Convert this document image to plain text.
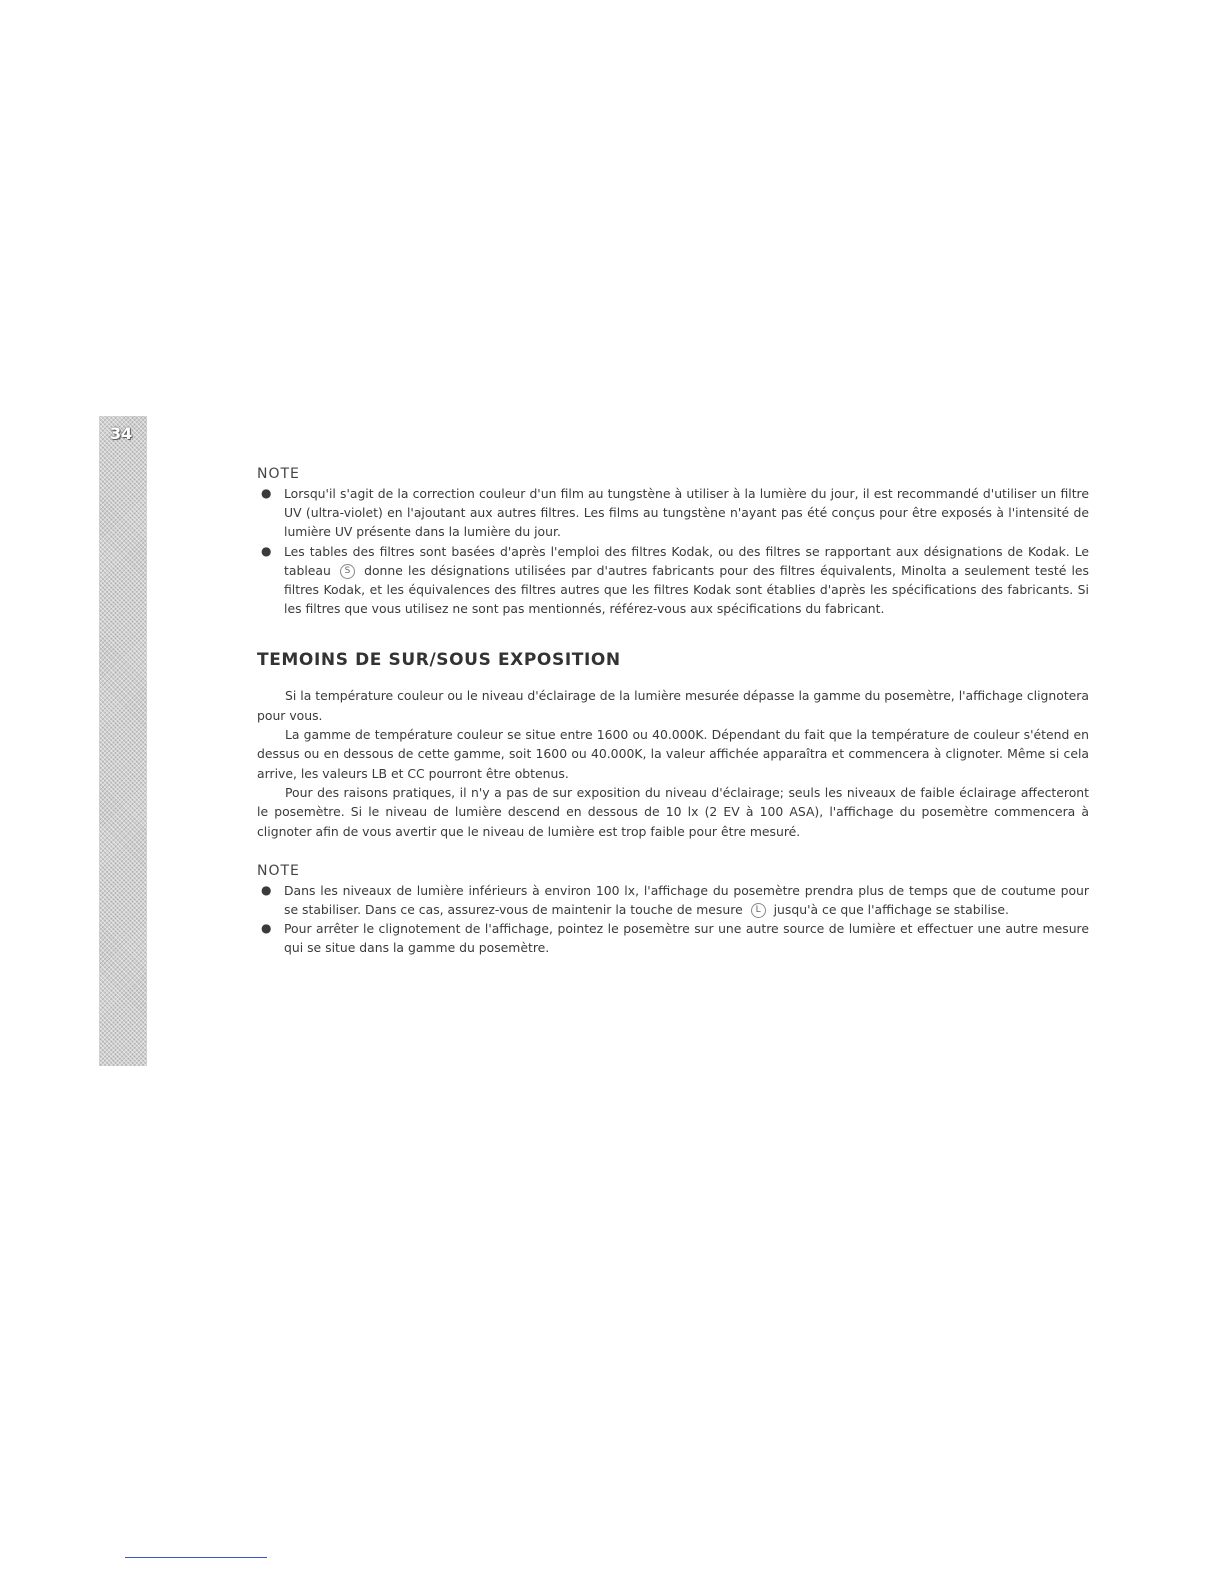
34

NOTE

● Lorsqu'il s'agit de la correction couleur d'un film au tungstène à utiliser à la lumière du jour, il est recommandé d'utiliser un filtre UV (ultra-violet) en l'ajoutant aux autres filtres. Les films au tungstène n'ayant pas été conçus pour être exposés à l'intensité de lumière UV présente dans la lumière du jour.

● Les tables des filtres sont basées d'après l'emploi des filtres Kodak, ou des filtres se rapportant aux désignations de Kodak. Le tableau S donne les désignations utilisées par d'autres fabricants pour des filtres équivalents, Minolta a seulement testé les filtres Kodak, et les équivalences des filtres autres que les filtres Kodak sont établies d'après les spécifications des fabricants. Si les filtres que vous utilisez ne sont pas mentionnés, référez-vous aux spécifications du fabricant.

TEMOINS DE SUR/SOUS EXPOSITION

Si la température couleur ou le niveau d'éclairage de la lumière mesurée dépasse la gamme du posemètre, l'affichage clignotera pour vous.

La gamme de température couleur se situe entre 1600 ou 40.000K. Dépendant du fait que la température de couleur s'étend en dessus ou en dessous de cette gamme, soit 1600 ou 40.000K, la valeur affichée apparaîtra et commencera à clignoter. Même si cela arrive, les valeurs LB et CC pourront être obtenus.

Pour des raisons pratiques, il n'y a pas de sur exposition du niveau d'éclairage; seuls les niveaux de faible éclairage affecteront le posemètre. Si le niveau de lumière descend en dessous de 10 lx (2 EV à 100 ASA), l'affichage du posemètre commencera à clignoter afin de vous avertir que le niveau de lumière est trop faible pour être mesuré.

NOTE

● Dans les niveaux de lumière inférieurs à environ 100 lx, l'affichage du posemètre prendra plus de temps que de coutume pour se stabiliser. Dans ce cas, assurez-vous de maintenir la touche de mesure L jusqu'à ce que l'affichage se stabilise.

● Pour arrêter le clignotement de l'affichage, pointez le posemètre sur une autre source de lumière et effectuer une autre mesure qui se situe dans la gamme du posemètre.
